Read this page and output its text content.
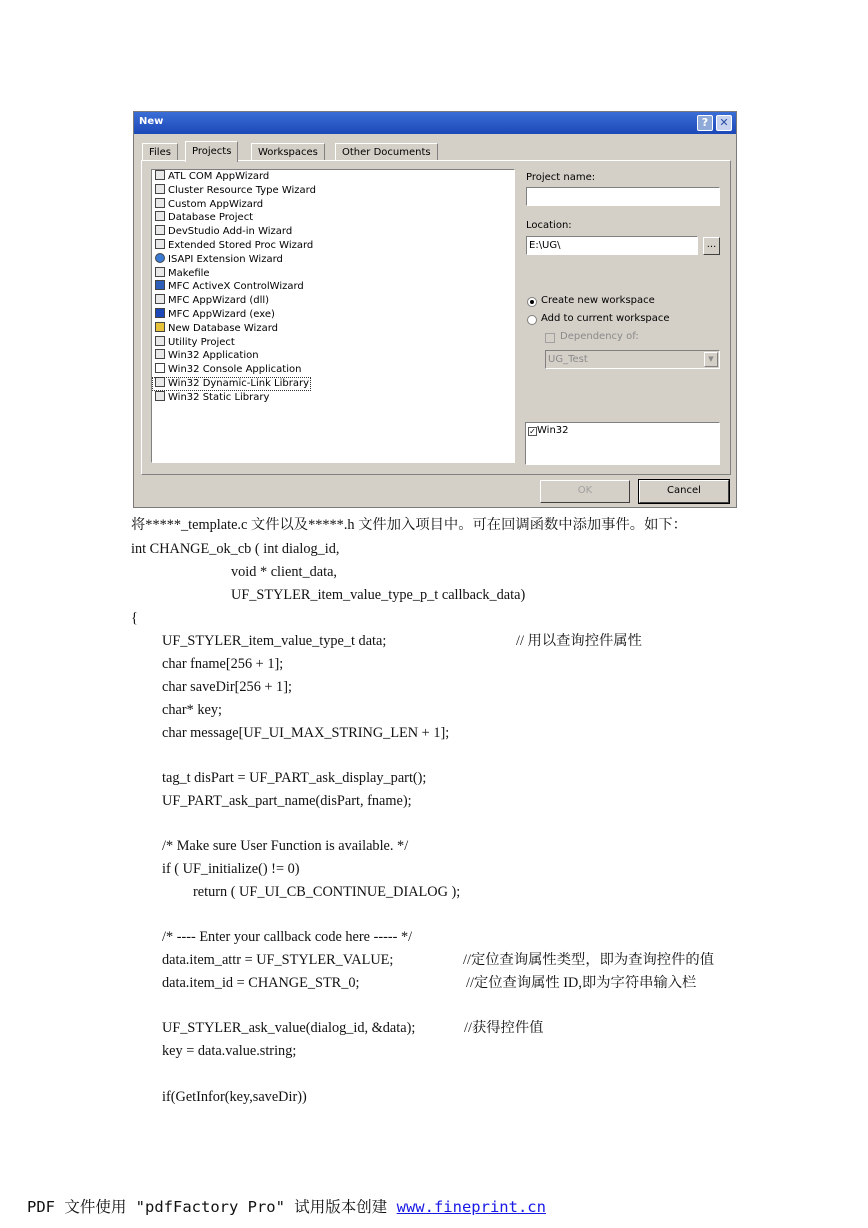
New	?	✕
Files	Projects	Workspaces	Other Documents
ATL COM AppWizard
Cluster Resource Type Wizard
Custom AppWizard
Database Project
DevStudio Add-in Wizard
Extended Stored Proc Wizard
ISAPI Extension Wizard
Makefile
MFC ActiveX ControlWizard
MFC AppWizard (dll)
MFC AppWizard (exe)
New Database Wizard
Utility Project
Win32 Application
Win32 Console Application
Win32 Dynamic-Link Library
Win32 Static Library
Project name:
Location:
E:\UG\	...
Create new workspace
Add to current workspace
Dependency of:
UG_Test	▼
✓Win32
OK	Cancel
将*****_template.c 文件以及*****.h 文件加入项目中。可在回调函数中添加事件。如下：
int CHANGE_ok_cb ( int dialog_id,
void * client_data,
UF_STYLER_item_value_type_p_t callback_data)
{
UF_STYLER_item_value_type_t data;	// 用以查询控件属性
char fname[256 + 1];
char saveDir[256 + 1];
char* key;
char message[UF_UI_MAX_STRING_LEN + 1];
tag_t disPart = UF_PART_ask_display_part();
UF_PART_ask_part_name(disPart, fname);
/* Make sure User Function is available. */
if ( UF_initialize() != 0)
return ( UF_UI_CB_CONTINUE_DIALOG );
/* ---- Enter your callback code here ----- */
data.item_attr = UF_STYLER_VALUE;	//定位查询属性类型，即为查询控件的值
data.item_id = CHANGE_STR_0;	//定位查询属性 ID,即为字符串输入栏
UF_STYLER_ask_value(dialog_id, &data);	//获得控件值
key = data.value.string;
if(GetInfor(key,saveDir))
PDF 文件使用 "pdfFactory Pro" 试用版本创建 www.fineprint.cn
